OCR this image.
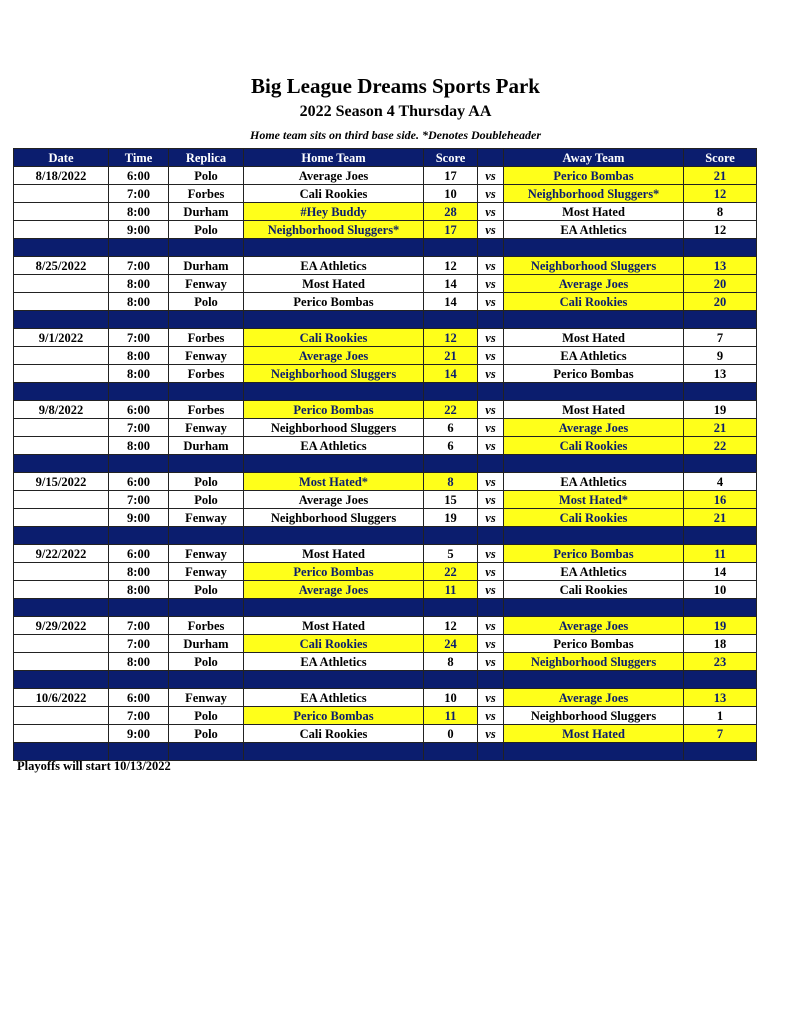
Big League Dreams Sports Park
2022 Season 4 Thursday AA
Home team sits on third base side. *Denotes Doubleheader
Date	Time	Replica	Home Team	Score		Away Team	Score
8/18/2022	6:00	Polo	Average Joes	17	vs	Perico Bombas	21
	7:00	Forbes	Cali Rookies	10	vs	Neighborhood Sluggers*	12
	8:00	Durham	#Hey Buddy	28	vs	Most Hated	8
	9:00	Polo	Neighborhood Sluggers*	17	vs	EA Athletics	12

8/25/2022	7:00	Durham	EA Athletics	12	vs	Neighborhood Sluggers	13
	8:00	Fenway	Most Hated	14	vs	Average Joes	20
	8:00	Polo	Perico Bombas	14	vs	Cali Rookies	20

9/1/2022	7:00	Forbes	Cali Rookies	12	vs	Most Hated	7
	8:00	Fenway	Average Joes	21	vs	EA Athletics	9
	8:00	Forbes	Neighborhood Sluggers	14	vs	Perico Bombas	13

9/8/2022	6:00	Forbes	Perico Bombas	22	vs	Most Hated	19
	7:00	Fenway	Neighborhood Sluggers	6	vs	Average Joes	21
	8:00	Durham	EA Athletics	6	vs	Cali Rookies	22

9/15/2022	6:00	Polo	Most Hated*	8	vs	EA Athletics	4
	7:00	Polo	Average Joes	15	vs	Most Hated*	16
	9:00	Fenway	Neighborhood Sluggers	19	vs	Cali Rookies	21

9/22/2022	6:00	Fenway	Most Hated	5	vs	Perico Bombas	11
	8:00	Fenway	Perico Bombas	22	vs	EA Athletics	14
	8:00	Polo	Average Joes	11	vs	Cali Rookies	10

9/29/2022	7:00	Forbes	Most Hated	12	vs	Average Joes	19
	7:00	Durham	Cali Rookies	24	vs	Perico Bombas	18
	8:00	Polo	EA Athletics	8	vs	Neighborhood Sluggers	23

10/6/2022	6:00	Fenway	EA Athletics	10	vs	Average Joes	13
	7:00	Polo	Perico Bombas	11	vs	Neighborhood Sluggers	1
	9:00	Polo	Cali Rookies	0	vs	Most Hated	7

Playoffs will start 10/13/2022
